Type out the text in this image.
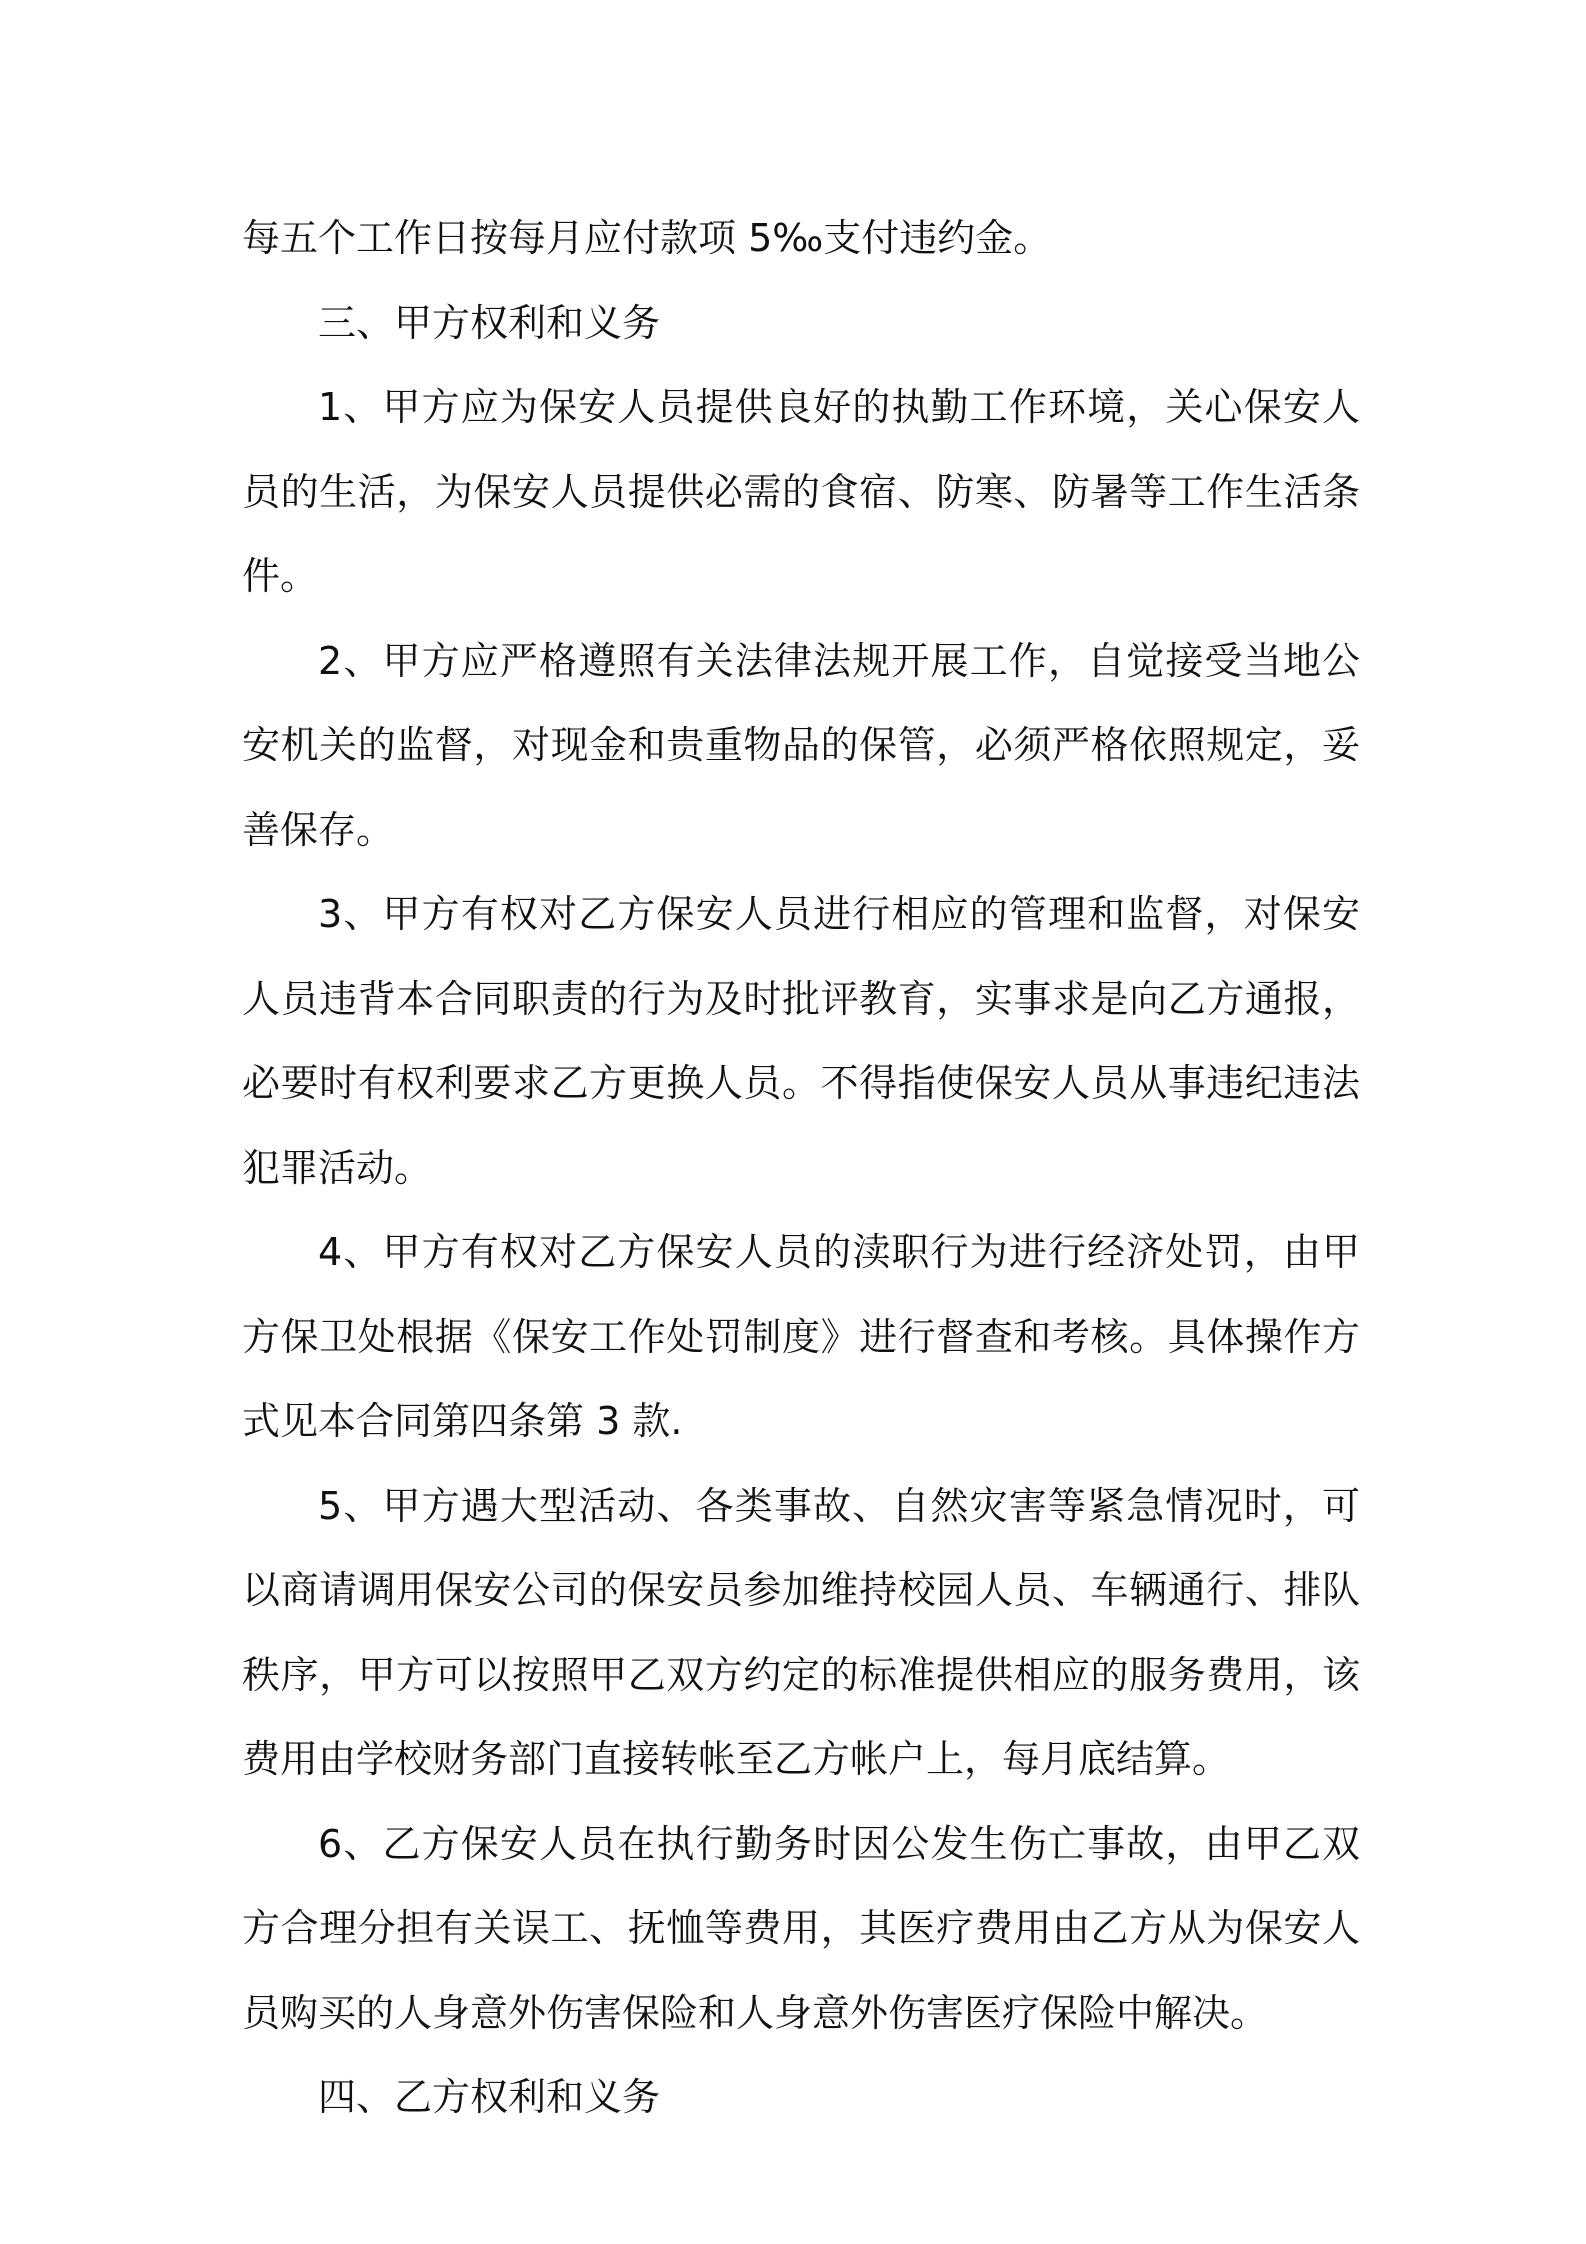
每五个工作日按每月应付款项 5‰支付违约金。

三、甲方权利和义务

1、甲方应为保安人员提供良好的执勤工作环境，关心保安人员的生活，为保安人员提供必需的食宿、防寒、防暑等工作生活条件。

2、甲方应严格遵照有关法律法规开展工作，自觉接受当地公安机关的监督，对现金和贵重物品的保管，必须严格依照规定，妥善保存。

3、甲方有权对乙方保安人员进行相应的管理和监督，对保安人员违背本合同职责的行为及时批评教育，实事求是向乙方通报，必要时有权利要求乙方更换人员。不得指使保安人员从事违纪违法犯罪活动。

4、甲方有权对乙方保安人员的渎职行为进行经济处罚，由甲方保卫处根据《保安工作处罚制度》进行督查和考核。具体操作方式见本合同第四条第 3 款.

5、甲方遇大型活动、各类事故、自然灾害等紧急情况时，可以商请调用保安公司的保安员参加维持校园人员、车辆通行、排队秩序，甲方可以按照甲乙双方约定的标准提供相应的服务费用，该费用由学校财务部门直接转帐至乙方帐户上，每月底结算。

6、乙方保安人员在执行勤务时因公发生伤亡事故，由甲乙双方合理分担有关误工、抚恤等费用，其医疗费用由乙方从为保安人员购买的人身意外伤害保险和人身意外伤害医疗保险中解决。

四、乙方权利和义务
